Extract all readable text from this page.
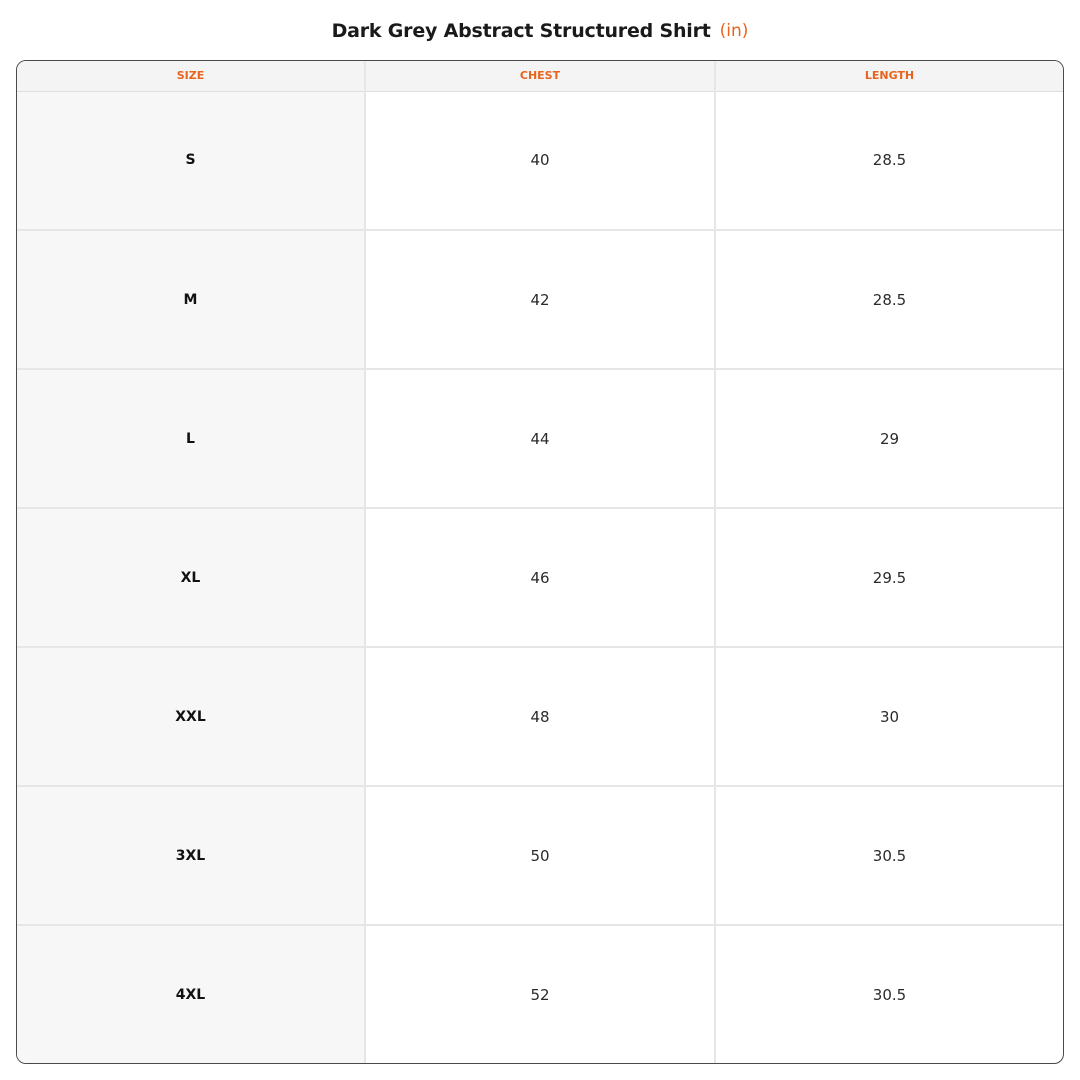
Dark Grey Abstract Structured Shirt (in)
SIZE	CHEST	LENGTH
S	40	28.5
M	42	28.5
L	44	29
XL	46	29.5
XXL	48	30
3XL	50	30.5
4XL	52	30.5
